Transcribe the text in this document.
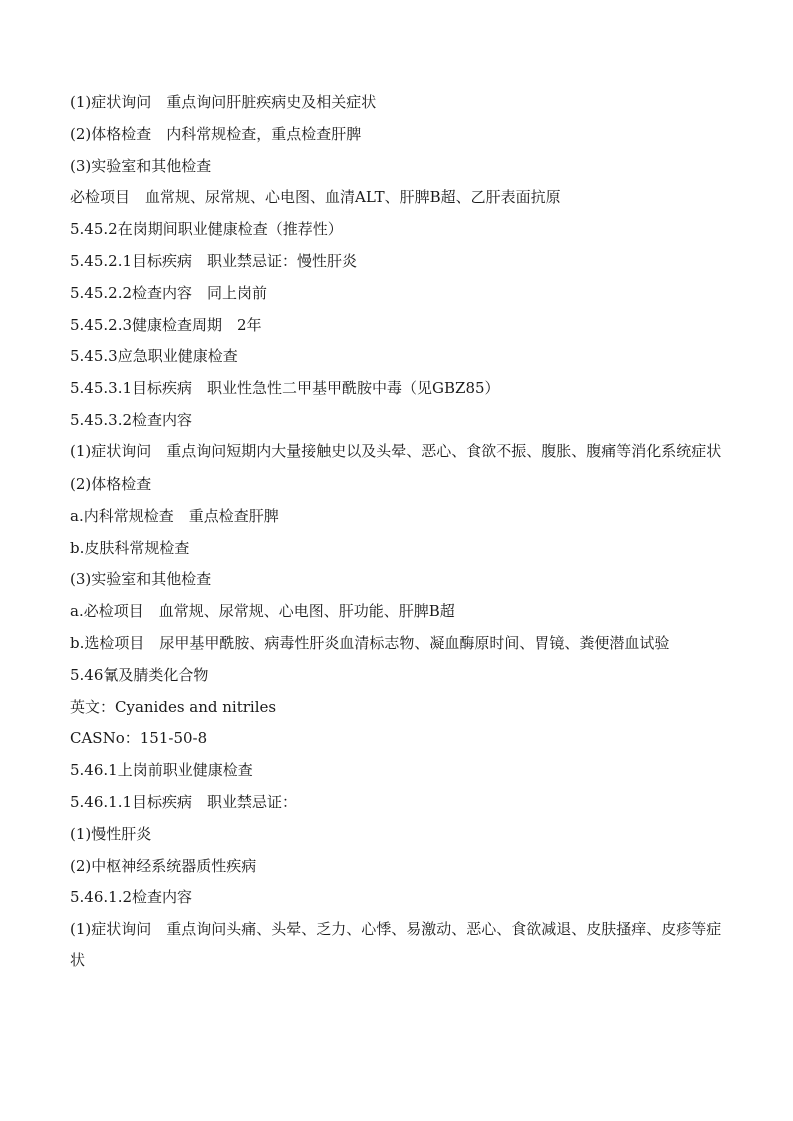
(1)症状询问　重点询问肝脏疾病史及相关症状
(2)体格检查　内科常规检查，重点检查肝脾
(3)实验室和其他检查
必检项目　血常规、尿常规、心电图、血清ALT、肝脾B超、乙肝表面抗原
5.45.2在岗期间职业健康检查（推荐性）
5.45.2.1目标疾病　职业禁忌证：慢性肝炎
5.45.2.2检查内容　同上岗前
5.45.2.3健康检查周期　2年
5.45.3应急职业健康检查
5.45.3.1目标疾病　职业性急性二甲基甲酰胺中毒（见GBZ85）
5.45.3.2检查内容
(1)症状询问　重点询问短期内大量接触史以及头晕、恶心、食欲不振、腹胀、腹痛等消化系统症状
(2)体格检查
a.内科常规检查　重点检查肝脾
b.皮肤科常规检查
(3)实验室和其他检查
a.必检项目　血常规、尿常规、心电图、肝功能、肝脾B超
b.选检项目　尿甲基甲酰胺、病毒性肝炎血清标志物、凝血酶原时间、胃镜、粪便潜血试验
5.46氰及腈类化合物
英文：Cyanides and nitriles
CASNo：151-50-8
5.46.1上岗前职业健康检查
5.46.1.1目标疾病　职业禁忌证：
(1)慢性肝炎
(2)中枢神经系统器质性疾病
5.46.1.2检查内容
(1)症状询问　重点询问头痛、头晕、乏力、心悸、易激动、恶心、食欲减退、皮肤搔痒、皮疹等症状
